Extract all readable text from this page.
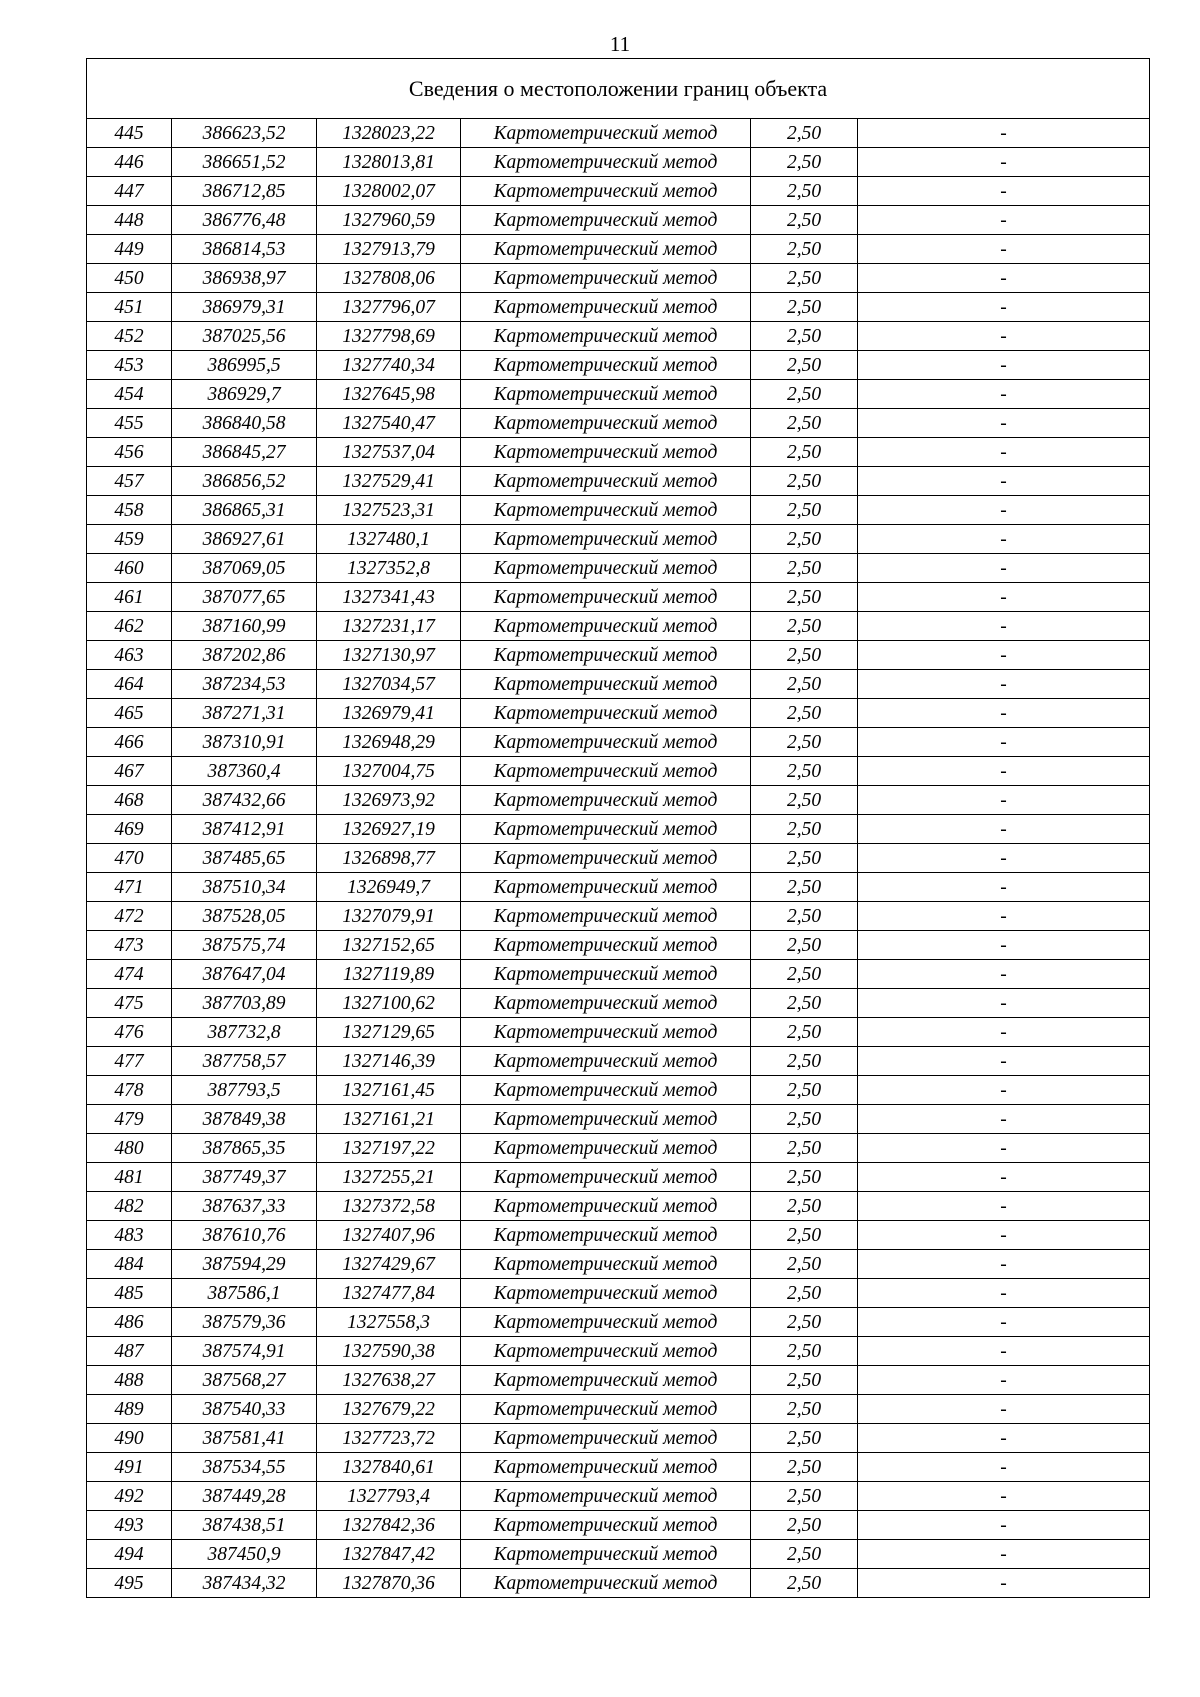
11
Сведения о местоположении границ объекта					
445	386623,52	1328023,22	Картометрический метод	2,50	-
446	386651,52	1328013,81	Картометрический метод	2,50	-
447	386712,85	1328002,07	Картометрический метод	2,50	-
448	386776,48	1327960,59	Картометрический метод	2,50	-
449	386814,53	1327913,79	Картометрический метод	2,50	-
450	386938,97	1327808,06	Картометрический метод	2,50	-
451	386979,31	1327796,07	Картометрический метод	2,50	-
452	387025,56	1327798,69	Картометрический метод	2,50	-
453	386995,5	1327740,34	Картометрический метод	2,50	-
454	386929,7	1327645,98	Картометрический метод	2,50	-
455	386840,58	1327540,47	Картометрический метод	2,50	-
456	386845,27	1327537,04	Картометрический метод	2,50	-
457	386856,52	1327529,41	Картометрический метод	2,50	-
458	386865,31	1327523,31	Картометрический метод	2,50	-
459	386927,61	1327480,1	Картометрический метод	2,50	-
460	387069,05	1327352,8	Картометрический метод	2,50	-
461	387077,65	1327341,43	Картометрический метод	2,50	-
462	387160,99	1327231,17	Картометрический метод	2,50	-
463	387202,86	1327130,97	Картометрический метод	2,50	-
464	387234,53	1327034,57	Картометрический метод	2,50	-
465	387271,31	1326979,41	Картометрический метод	2,50	-
466	387310,91	1326948,29	Картометрический метод	2,50	-
467	387360,4	1327004,75	Картометрический метод	2,50	-
468	387432,66	1326973,92	Картометрический метод	2,50	-
469	387412,91	1326927,19	Картометрический метод	2,50	-
470	387485,65	1326898,77	Картометрический метод	2,50	-
471	387510,34	1326949,7	Картометрический метод	2,50	-
472	387528,05	1327079,91	Картометрический метод	2,50	-
473	387575,74	1327152,65	Картометрический метод	2,50	-
474	387647,04	1327119,89	Картометрический метод	2,50	-
475	387703,89	1327100,62	Картометрический метод	2,50	-
476	387732,8	1327129,65	Картометрический метод	2,50	-
477	387758,57	1327146,39	Картометрический метод	2,50	-
478	387793,5	1327161,45	Картометрический метод	2,50	-
479	387849,38	1327161,21	Картометрический метод	2,50	-
480	387865,35	1327197,22	Картометрический метод	2,50	-
481	387749,37	1327255,21	Картометрический метод	2,50	-
482	387637,33	1327372,58	Картометрический метод	2,50	-
483	387610,76	1327407,96	Картометрический метод	2,50	-
484	387594,29	1327429,67	Картометрический метод	2,50	-
485	387586,1	1327477,84	Картометрический метод	2,50	-
486	387579,36	1327558,3	Картометрический метод	2,50	-
487	387574,91	1327590,38	Картометрический метод	2,50	-
488	387568,27	1327638,27	Картометрический метод	2,50	-
489	387540,33	1327679,22	Картометрический метод	2,50	-
490	387581,41	1327723,72	Картометрический метод	2,50	-
491	387534,55	1327840,61	Картометрический метод	2,50	-
492	387449,28	1327793,4	Картометрический метод	2,50	-
493	387438,51	1327842,36	Картометрический метод	2,50	-
494	387450,9	1327847,42	Картометрический метод	2,50	-
495	387434,32	1327870,36	Картометрический метод	2,50	-
